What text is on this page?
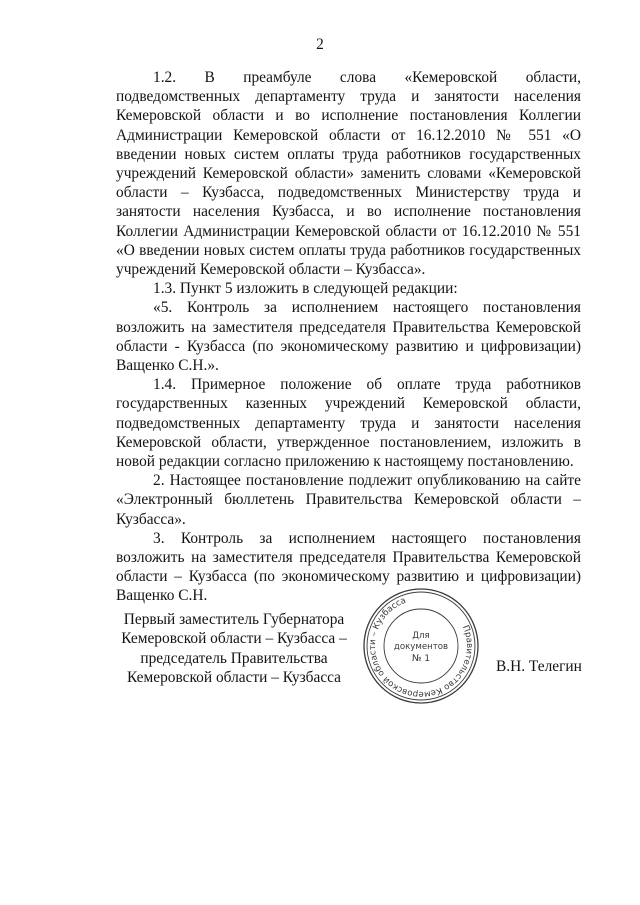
2

1.2. В преамбуле слова «Кемеровской области, подведомственных департаменту труда и занятости населения Кемеровской области и во исполнение постановления Коллегии Администрации Кемеровской области от 16.12.2010 № 551 «О введении новых систем оплаты труда работников государственных учреждений Кемеровской области» заменить словами «Кемеровской области – Кузбасса, подведомственных Министерству труда и занятости населения Кузбасса, и во исполнение постановления Коллегии Администрации Кемеровской области от 16.12.2010 № 551 «О введении новых систем оплаты труда работников государственных учреждений Кемеровской области – Кузбасса».

1.3. Пункт 5 изложить в следующей редакции:

«5. Контроль за исполнением настоящего постановления возложить на заместителя председателя Правительства Кемеровской области - Кузбасса (по экономическому развитию и цифровизации) Ващенко С.Н.».

1.4. Примерное положение об оплате труда работников государственных казенных учреждений Кемеровской области, подведомственных департаменту труда и занятости населения Кемеровской области, утвержденное постановлением, изложить в новой редакции согласно приложению к настоящему постановлению.

2. Настоящее постановление подлежит опубликованию на сайте «Электронный бюллетень Правительства Кемеровской области – Кузбасса».

3. Контроль за исполнением настоящего постановления возложить на заместителя председателя Правительства Кемеровской области – Кузбасса (по экономическому развитию и цифровизации) Ващенко С.Н.

Первый заместитель Губернатора
Кемеровской области – Кузбасса –
председатель Правительства
Кемеровской области – Кузбасса
Правительство Кемеровской области – Кузбасса
Для
документов
№ 1	В.Н. Телегин
